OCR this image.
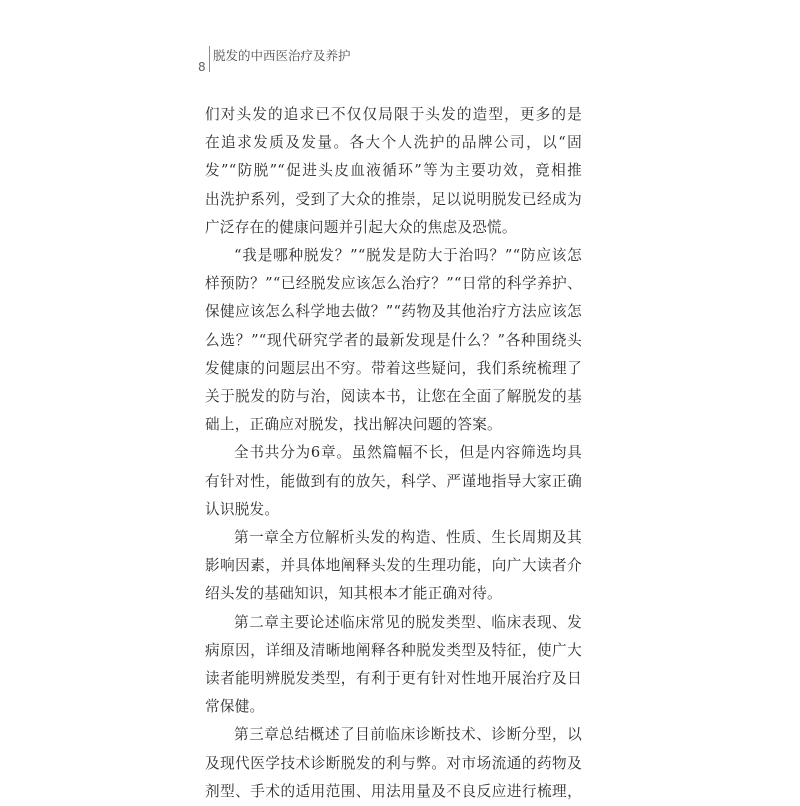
8
脱发的中西医治疗及养护
们对头发的追求已不仅仅局限于头发的造型，更多的是
在追求发质及发量。各大个人洗护的品牌公司，以“固
发”“防脱”“促进头皮血液循环”等为主要功效，竟相推
出洗护系列，受到了大众的推崇，足以说明脱发已经成为
广泛存在的健康问题并引起大众的焦虑及恐慌。
“我是哪种脱发？”“脱发是防大于治吗？”“防应该怎
样预防？”“已经脱发应该怎么治疗？”“日常的科学养护、
保健应该怎么科学地去做？”“药物及其他治疗方法应该怎
么选？”“现代研究学者的最新发现是什么？”各种围绕头
发健康的问题层出不穷。带着这些疑问，我们系统梳理了
关于脱发的防与治，阅读本书，让您在全面了解脱发的基
础上，正确应对脱发，找出解决问题的答案。
全书共分为6章。虽然篇幅不长，但是内容筛选均具
有针对性，能做到有的放矢，科学、严谨地指导大家正确
认识脱发。
第一章全方位解析头发的构造、性质、生长周期及其
影响因素，并具体地阐释头发的生理功能，向广大读者介
绍头发的基础知识，知其根本才能正确对待。
第二章主要论述临床常见的脱发类型、临床表现、发
病原因，详细及清晰地阐释各种脱发类型及特征，使广大
读者能明辨脱发类型，有利于更有针对性地开展治疗及日
常保健。
第三章总结概述了目前临床诊断技术、诊断分型，以
及现代医学技术诊断脱发的利与弊。对市场流通的药物及
剂型、手术的适用范围、用法用量及不良反应进行梳理，
